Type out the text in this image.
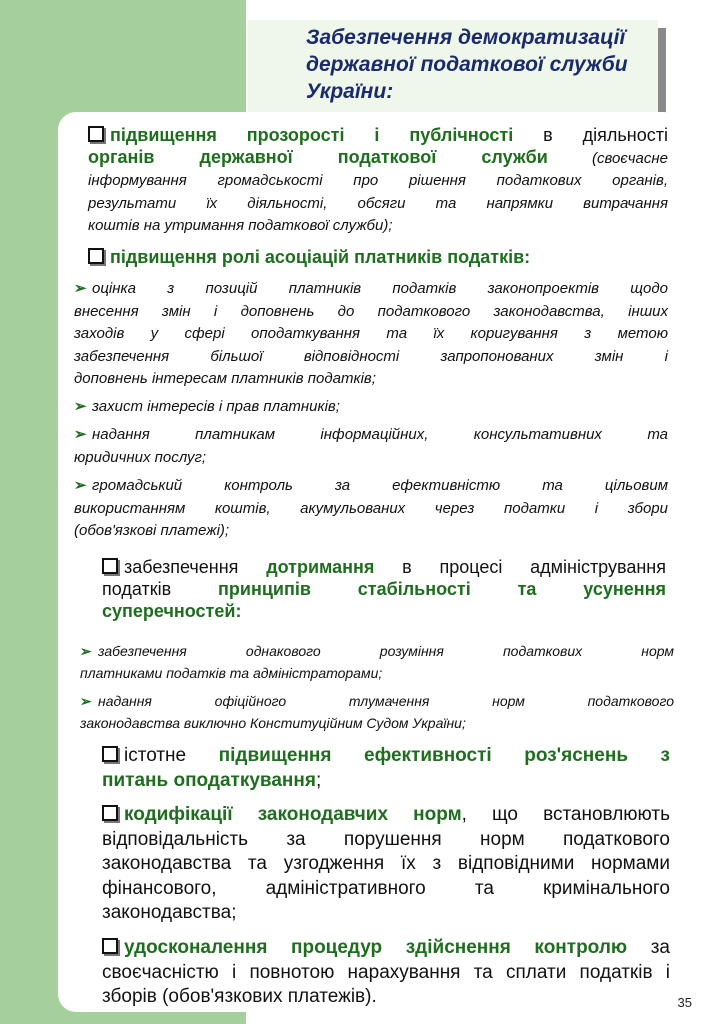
Забезпечення демократизації

державної податкової служби

України:

підвищення прозорості і публічності в діяльності

органів державної податкової служби (своєчасне

інформування громадськості про рішення податкових органів,

результати їх діяльності, обсяги та напрямки витрачання

коштів на утримання податкової служби);

підвищення ролі асоціацій платників податків:

➢ оцінка з позицій платників податків законопроектів щодо

внесення змін і доповнень до податкового законодавства, інших

заходів у сфері оподаткування та їх коригування з метою

забезпечення більшої відповідності запропонованих змін і

доповнень інтересам платників податків;

➢ захист інтересів і прав платників;

➢ надання платникам інформаційних, консультативних та

юридичних послуг;

➢ громадський контроль за ефективністю та цільовим

використанням коштів, акумульованих через податки і збори

(обов'язкові платежі);

забезпечення дотримання в процесі адміністрування

податків принципів стабільності та усунення

суперечностей:

➢ забезпечення однакового розуміння податкових норм

платниками податків та адміністраторами;

➢ надання офіційного тлумачення норм податкового

законодавства виключно Конституційним Судом України;

істотне підвищення ефективності роз'яснень з

питань оподаткування;

кодифікації законодавчих норм, що встановлюють

відповідальність за порушення норм податкового

законодавства та узгодження їх з відповідними нормами

фінансового, адміністративного та кримінального

законодавства;

удосконалення процедур здійснення контролю за

своєчасністю і повнотою нарахування та сплати податків і

зборів (обов'язкових платежів).	35
